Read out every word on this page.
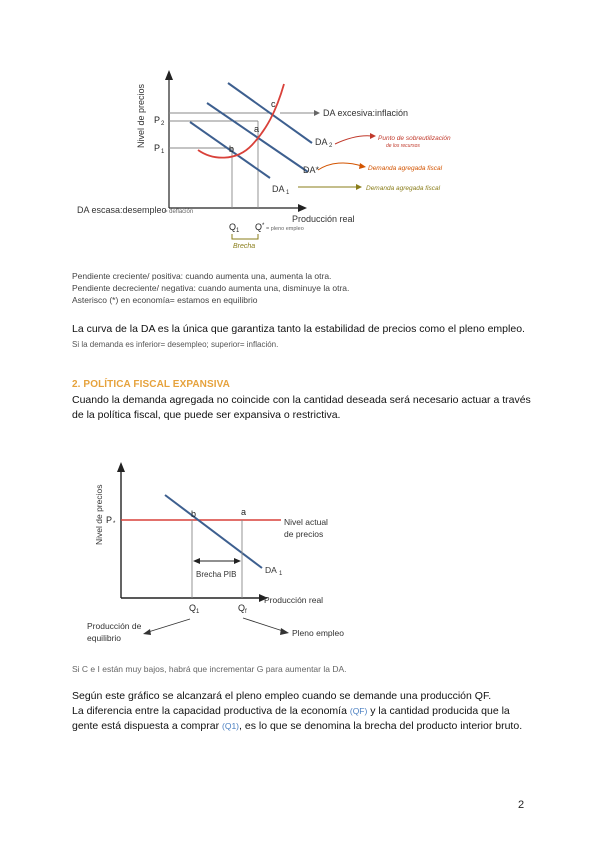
Nivel de precios P 2
P 1
c
a
b
DA excesiva:inflación
DA 2
DA*
DA 1
Punto de sobreutilización
de los recursos
Demanda agregada fiscal
Demanda agregada fiscal
DA escasa:desempleo
= deflación
Producción real
Q 1 Q * = pleno empleo
Brecha
Pendiente creciente/ positiva: cuando aumenta una, aumenta la otra.
Pendiente decreciente/ negativa: cuando aumenta una, disminuye la otra.
Asterisco (*) en economía= estamos en equilibrio
La curva de la DA es la única que garantiza tanto la estabilidad de precios como el pleno empleo. Si la demanda es inferior= desempleo; superior= inflación.
2. POLÍTICA FISCAL EXPANSIVA
Cuando la demanda agregada no coincide con la cantidad deseada será necesario actuar a través de la política fiscal, que puede ser expansiva o restrictiva.
Nivel de precios P *
b	a
Nivel actual
de precios
Brecha PIB	DA 1
Producción real
Q 1	Q f
Producción de
equilibrio	Pleno empleo
Si C e I están muy bajos, habrá que incrementar G para aumentar la DA.
Según este gráfico se alcanzará el pleno empleo cuando se demande una producción QF.
La diferencia entre la capacidad productiva de la economía (QF) y la cantidad producida que la gente está dispuesta a comprar (Q1), es lo que se denomina la brecha del producto interior bruto.
2
